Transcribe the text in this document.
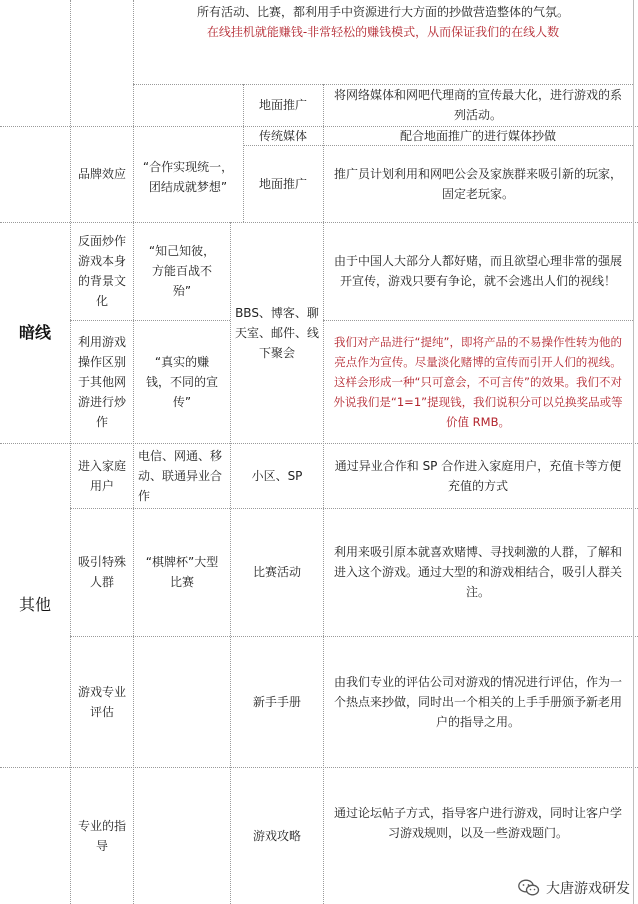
所有活动、比赛，都利用手中资源进行大方面的抄做营造整体的气氛。
在线挂机就能赚钱-非常轻松的赚钱模式，从而保证我们的在线人数
品牌效应	“合作实现统一，团结成就梦想”
地面推广
将网络媒体和网吧代理商的宣传最大化，进行游戏的系列活动。
传统媒体	配合地面推广的进行媒体抄做
地面推广
推广员计划利用和网吧公会及家族群来吸引新的玩家，固定老玩家。
暗线
反面炒作游戏本身的背景文化
“知己知彼，方能百战不殆”
由于中国人大部分人都好赌，而且欲望心理非常的强展开宣传，游戏只要有争论，就不会逃出人们的视线！
利用游戏操作区别于其他网游进行炒作
“真实的赚钱，不同的宣传”
我们对产品进行“提纯”，即将产品的不易操作性转为他的亮点作为宣传。尽量淡化赌博的宣传而引开人们的视线。这样会形成一种“只可意会，不可言传”的效果。我们不对外说我们是“1=1”提现钱，我们说积分可以兑换奖品或等价值 RMB。
BBS、博客、聊天室、邮件、线下聚会
其他
进入家庭用户
电信、网通、移动、联通异业合作
小区、SP
通过异业合作和 SP 合作进入家庭用户，充值卡等方便充值的方式
吸引特殊人群
“棋牌杯”大型比赛
比赛活动
利用来吸引原本就喜欢赌博、寻找刺激的人群，了解和进入这个游戏。通过大型的和游戏相结合，吸引人群关注。
游戏专业评估
新手手册
由我们专业的评估公司对游戏的情况进行评估，作为一个热点来抄做，同时出一个相关的上手手册颁予新老用户的指导之用。
专业的指导
游戏攻略
通过论坛帖子方式，指导客户进行游戏，同时让客户学习游戏规则，以及一些游戏题门。
大唐游戏研发
